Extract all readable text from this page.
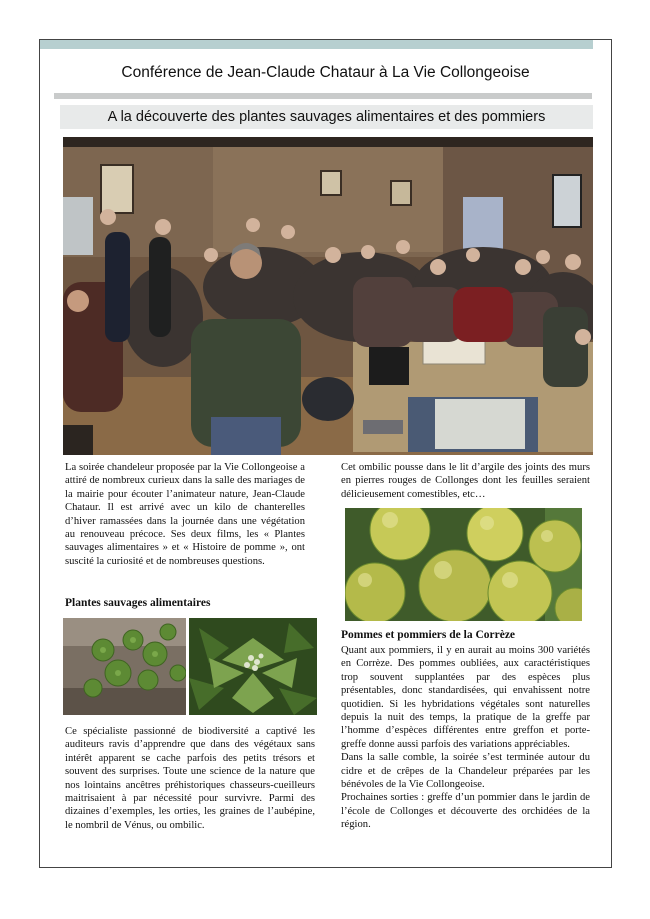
Conférence de Jean-Claude Chataur à La Vie Collongeoise
A la découverte des plantes sauvages alimentaires et des pommiers

La soirée chandeleur proposée par la Vie Collongeoise a attiré de nombreux curieux dans la salle des mariages de la mairie pour écouter l’animateur nature, Jean-Claude Chataur. Il est arrivé avec un kilo de chanterelles d’hiver ramassées dans la journée dans une végétation au renouveau précoce. Ses deux films, les « Plantes sauvages alimentaires » et « Histoire de pomme », ont suscité la curiosité et de nombreuses questions.

Plantes sauvages alimentaires

Ce spécialiste passionné de biodiversité a captivé les auditeurs ravis d’apprendre que dans des végétaux sans intérêt apparent se cache parfois des petits trésors et souvent des surprises. Toute une science de la nature que nos lointains ancêtres préhistoriques chasseurs-cueilleurs maitrisaient à par nécessité pour survivre. Parmi des dizaines d’exemples, les orties, les graines de l’aubépine, le nombril de Vénus, ou ombilic.

Cet ombilic pousse dans le lit d’argile des joints des murs en pierres rouges de Collonges dont les feuilles seraient délicieusement comestibles, etc…

Pommes et pommiers de la Corrèze

Quant aux pommiers, il y en aurait au moins 300 variétés en Corrèze. Des pommes oubliées, aux caractéristiques trop souvent supplantées par des espèces plus présentables, donc standardisées, qui envahissent notre quotidien. Si les hybridations végétales sont naturelles depuis la nuit des temps, la pratique de la greffe par l’homme d’espèces différentes entre greffon et porte-greffe donne aussi parfois des variations appréciables.

Dans la salle comble, la soirée s’est terminée autour du cidre et de crêpes de la Chandeleur préparées par les bénévoles de la Vie Collongeoise.

Prochaines sorties : greffe d’un pommier dans le jardin de l’école de Collonges et découverte des orchidées de la région.
